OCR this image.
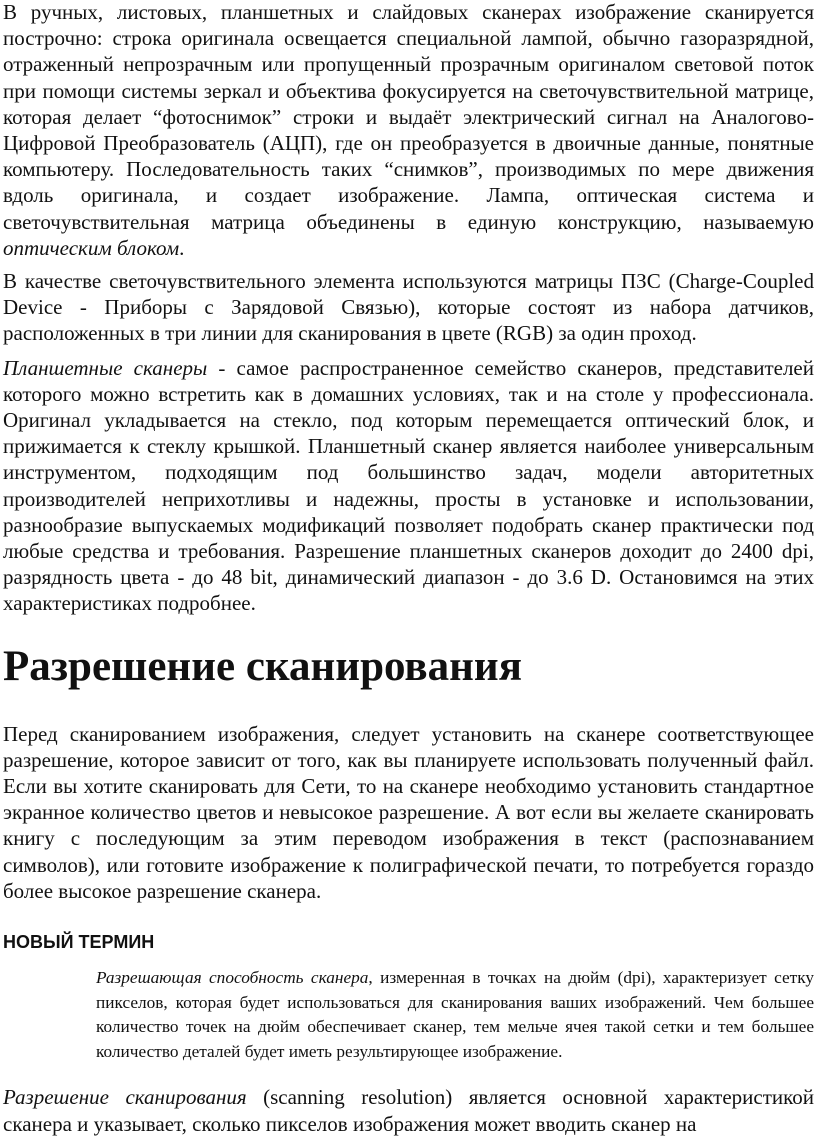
В ручных, листовых, планшетных и слайдовых сканерах изображение сканируется построчно: строка оригинала освещается специальной лампой, обычно газоразрядной, отраженный непрозрачным или пропущенный прозрачным оригиналом световой поток при помощи системы зеркал и объектива фокусируется на светочувствительной матрице, которая делает “фотоснимок” строки и выдаёт электрический сигнал на Аналогово-Цифровой Преобразователь (АЦП), где он преобразуется в двоичные данные, понятные компьютеру. Последовательность таких “снимков”, производимых по мере движения вдоль оригинала, и создает изображение. Лампа, оптическая система и светочувствительная матрица объединены в единую конструкцию, называемую оптическим блоком.

В качестве светочувствительного элемента используются матрицы ПЗС (Charge-Coupled Device - Приборы с Зарядовой Связью), которые состоят из набора датчиков, расположенных в три линии для сканирования в цвете (RGB) за один проход.

Планшетные сканеры - самое распространенное семейство сканеров, представителей которого можно встретить как в домашних условиях, так и на столе у профессионала. Оригинал укладывается на стекло, под которым перемещается оптический блок, и прижимается к стеклу крышкой. Планшетный сканер является наиболее универсальным инструментом, подходящим под большинство задач, модели авторитетных производителей неприхотливы и надежны, просты в установке и использовании, разнообразие выпускаемых модификаций позволяет подобрать сканер практически под любые средства и требования. Разрешение планшетных сканеров доходит до 2400 dpi, разрядность цвета - до 48 bit, динамический диапазон - до 3.6 D. Остановимся на этих характеристиках подробнее.

Разрешение сканирования

Перед сканированием изображения, следует установить на сканере соответствующее разрешение, которое зависит от того, как вы планируете использовать полученный файл. Если вы хотите сканировать для Сети, то на сканере необходимо установить стандартное экранное количество цветов и невысокое разрешение. А вот если вы желаете сканировать книгу с последующим за этим переводом изображения в текст (распознаванием символов), или готовите изображение к полиграфической печати, то потребуется гораздо более высокое разрешение сканера.

НОВЫЙ ТЕРМИН

Разрешающая способность сканера, измеренная в точках на дюйм (dpi), характеризует сетку пикселов, которая будет использоваться для сканирования ваших изображений. Чем большее количество точек на дюйм обеспечивает сканер, тем мельче ячея такой сетки и тем большее количество деталей будет иметь результирующее изображение.

Разрешение сканирования (scanning resolution) является основной характеристикой сканера и указывает, сколько пикселов изображения может вводить сканер на
